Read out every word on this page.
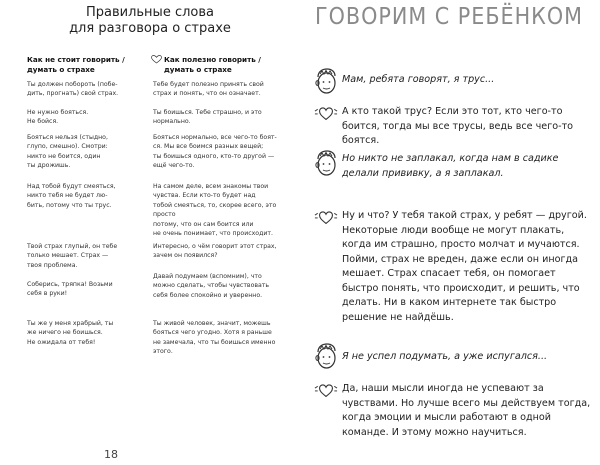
Правильные слова
для разговора о страхе
Как не стоит говорить / думать о страхе
Как полезно говорить / думать о страхе
Ты должен побороть (побе-
дить, прогнать) свой страх.
Тебе будет полезно принять свой
страх и понять, что он означает.
Не нужно бояться.
Не бойся.
Ты боишься. Тебе страшно, и это
нормально.
Бояться нельзя (стыдно,
глупо, смешно). Смотри:
никто не боится, один
ты дрожишь.
Бояться нормально, все чего-то боят-
ся. Мы все боимся разных вещей;
ты боишься одного, кто-то другой —
ещё чего-то.
Над тобой будут смеяться,
никто тебя не будет лю-
бить, потому что ты трус.
На самом деле, всем знакомы твои
чувства. Если кто-то будет над
тобой смеяться, то, скорее всего, это просто
потому, что он сам боится или
не очень понимает, что происходит.
Твой страх глупый, он тебе
только мешает. Страх —
твоя проблема.
Интересно, о чём говорит этот страх,
зачем он появился?
Соберись, тряпка! Возьми
себя в руки!
Давай подумаем (вспомним), что
можно сделать, чтобы чувствовать
себя более спокойно и уверенно.
Ты же у меня храбрый, ты
же ничего не боишься.
Не ожидала от тебя!
Ты живой человек, значит, можешь
бояться чего угодно. Хотя я раньше
не замечала, что ты боишься именно
этого.
18
ГОВОРИМ С РЕБЁНКОМ
Мам, ребята говорят, я трус...
А кто такой трус? Если это тот, кто чего-то боится, тогда мы все трусы, ведь все чего-то боятся.
Но никто не заплакал, когда нам в садике делали прививку, а я заплакал.
Ну и что? У тебя такой страх, у ребят — другой. Некоторые люди вообще не могут плакать, когда им страшно, просто молчат и мучаются. Пойми, страх не вреден, даже если он иногда мешает. Страх спасает тебя, он помогает быстро понять, что происходит, и решить, что делать. Ни в каком интернете так быстро решение не найдёшь.
Я не успел подумать, а уже испугался...
Да, наши мысли иногда не успевают за чувствами. Но лучше всего мы действуем тогда, когда эмоции и мысли работают в одной команде. И этому можно научиться.
